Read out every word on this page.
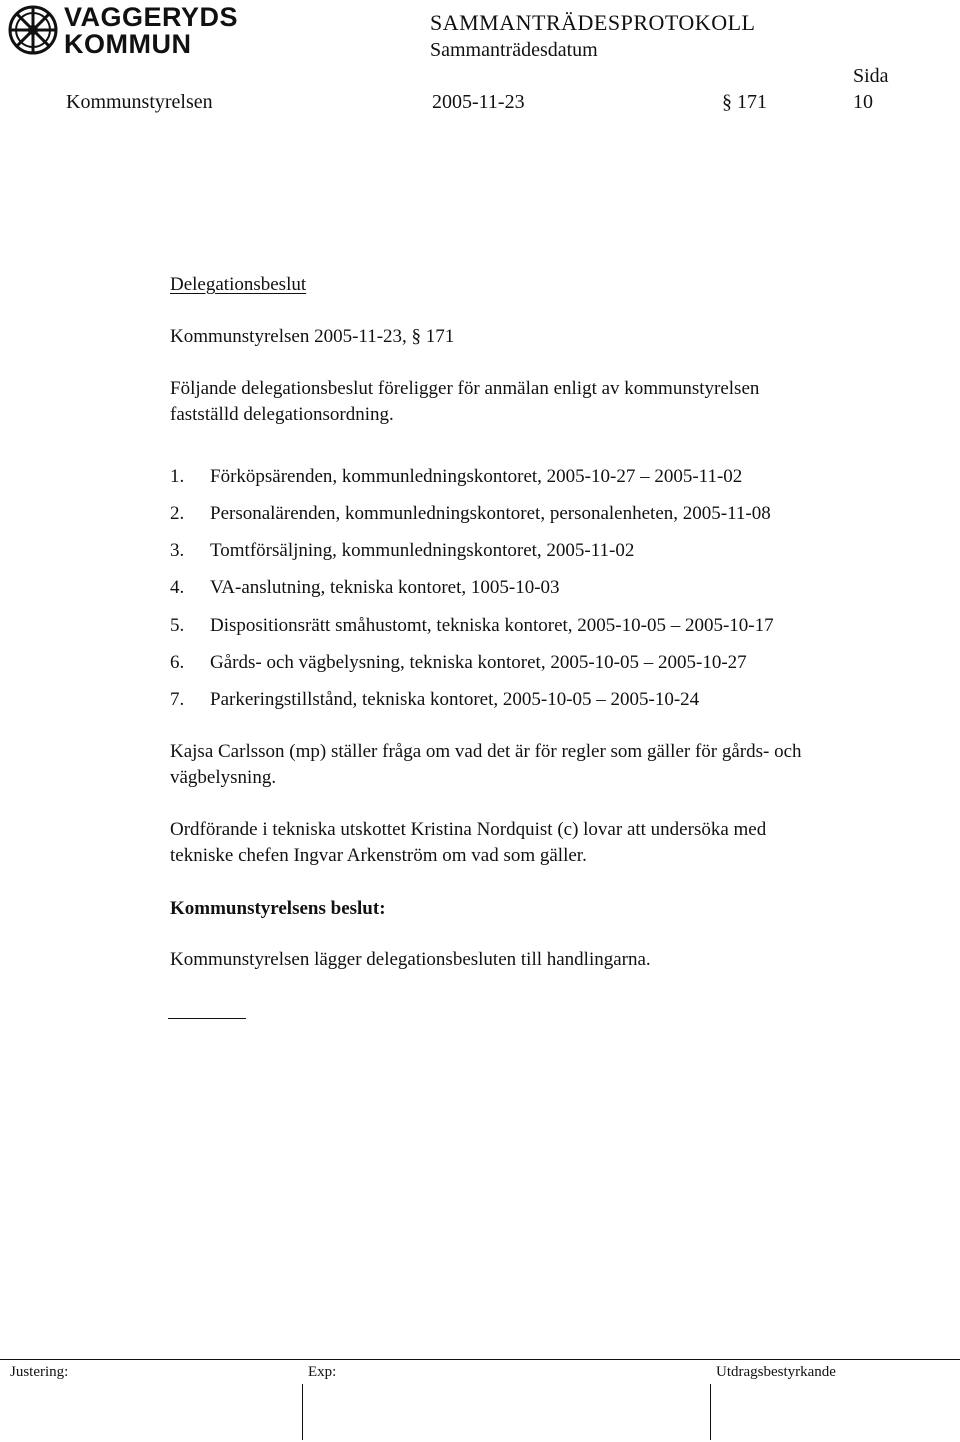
VAGGERYDS
KOMMUN
SAMMANTRÄDESPROTOKOLL
Sammanträdesdatum
Sida
Kommunstyrelsen	2005-11-23	§ 171	10
Delegationsbeslut
Kommunstyrelsen 2005-11-23, § 171
Följande delegationsbeslut föreligger för anmälan enligt av kommunstyrelsen
fastställd delegationsordning.
1. Förköpsärenden, kommunledningskontoret, 2005-10-27 – 2005-11-02
2. Personalärenden, kommunledningskontoret, personalenheten, 2005-11-08
3. Tomtförsäljning, kommunledningskontoret, 2005-11-02
4. VA-anslutning, tekniska kontoret, 1005-10-03
5. Dispositionsrätt småhustomt, tekniska kontoret, 2005-10-05 – 2005-10-17
6. Gårds- och vägbelysning, tekniska kontoret, 2005-10-05 – 2005-10-27
7. Parkeringstillstånd, tekniska kontoret, 2005-10-05 – 2005-10-24
Kajsa Carlsson (mp) ställer fråga om vad det är för regler som gäller för gårds- och
vägbelysning.
Ordförande i tekniska utskottet Kristina Nordquist (c) lovar att undersöka med
tekniske chefen Ingvar Arkenström om vad som gäller.
Kommunstyrelsens beslut:
Kommunstyrelsen lägger delegationsbesluten till handlingarna.
Justering:	Exp:	Utdragsbestyrkande
